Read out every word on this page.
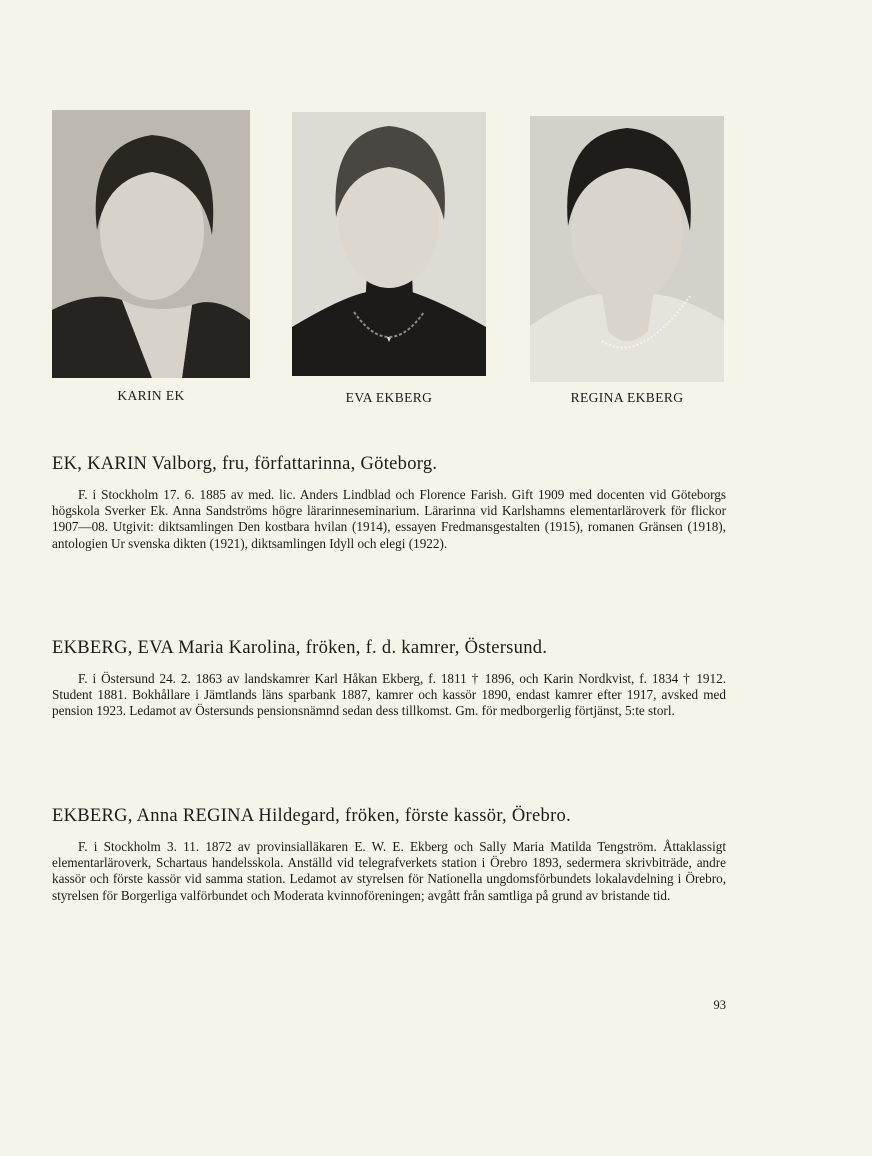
KARIN EK	EVA EKBERG	REGINA EKBERG
EK, KARIN Valborg, fru, författarinna, Göteborg.

F. i Stockholm 17. 6. 1885 av med. lic. Anders Lindblad och Florence Farish. Gift 1909 med docenten vid Göteborgs högskola Sverker Ek. Anna Sandströms högre lärarinneseminarium. Lärarinna vid Karlshamns elementarläroverk för flickor 1907—08. Utgivit: diktsamlingen Den kostbara hvilan (1914), essayen Fredmansgestalten (1915), romanen Gränsen (1918), antologien Ur svenska dikten (1921), diktsamlingen Idyll och elegi (1922).

EKBERG, EVA Maria Karolina, fröken, f. d. kamrer, Östersund.

F. i Östersund 24. 2. 1863 av landskamrer Karl Håkan Ekberg, f. 1811 † 1896, och Karin Nordkvist, f. 1834 † 1912. Student 1881. Bokhållare i Jämtlands läns sparbank 1887, kamrer och kassör 1890, endast kamrer efter 1917, avsked med pension 1923. Ledamot av Östersunds pensionsnämnd sedan dess tillkomst. Gm. för medborgerlig förtjänst, 5:te storl.

EKBERG, Anna REGINA Hildegard, fröken, förste kassör, Örebro.

F. i Stockholm 3. 11. 1872 av provinsialläkaren E. W. E. Ekberg och Sally Maria Matilda Tengström. Åttaklassigt elementarläroverk, Schartaus handelsskola. Anställd vid telegrafverkets station i Örebro 1893, sedermera skrivbiträde, andre kassör och förste kassör vid samma station. Ledamot av styrelsen för Nationella ungdomsförbundets lokalavdelning i Örebro, styrelsen för Borgerliga valförbundet och Moderata kvinnoföreningen; avgått från samtliga på grund av bristande tid.

93
